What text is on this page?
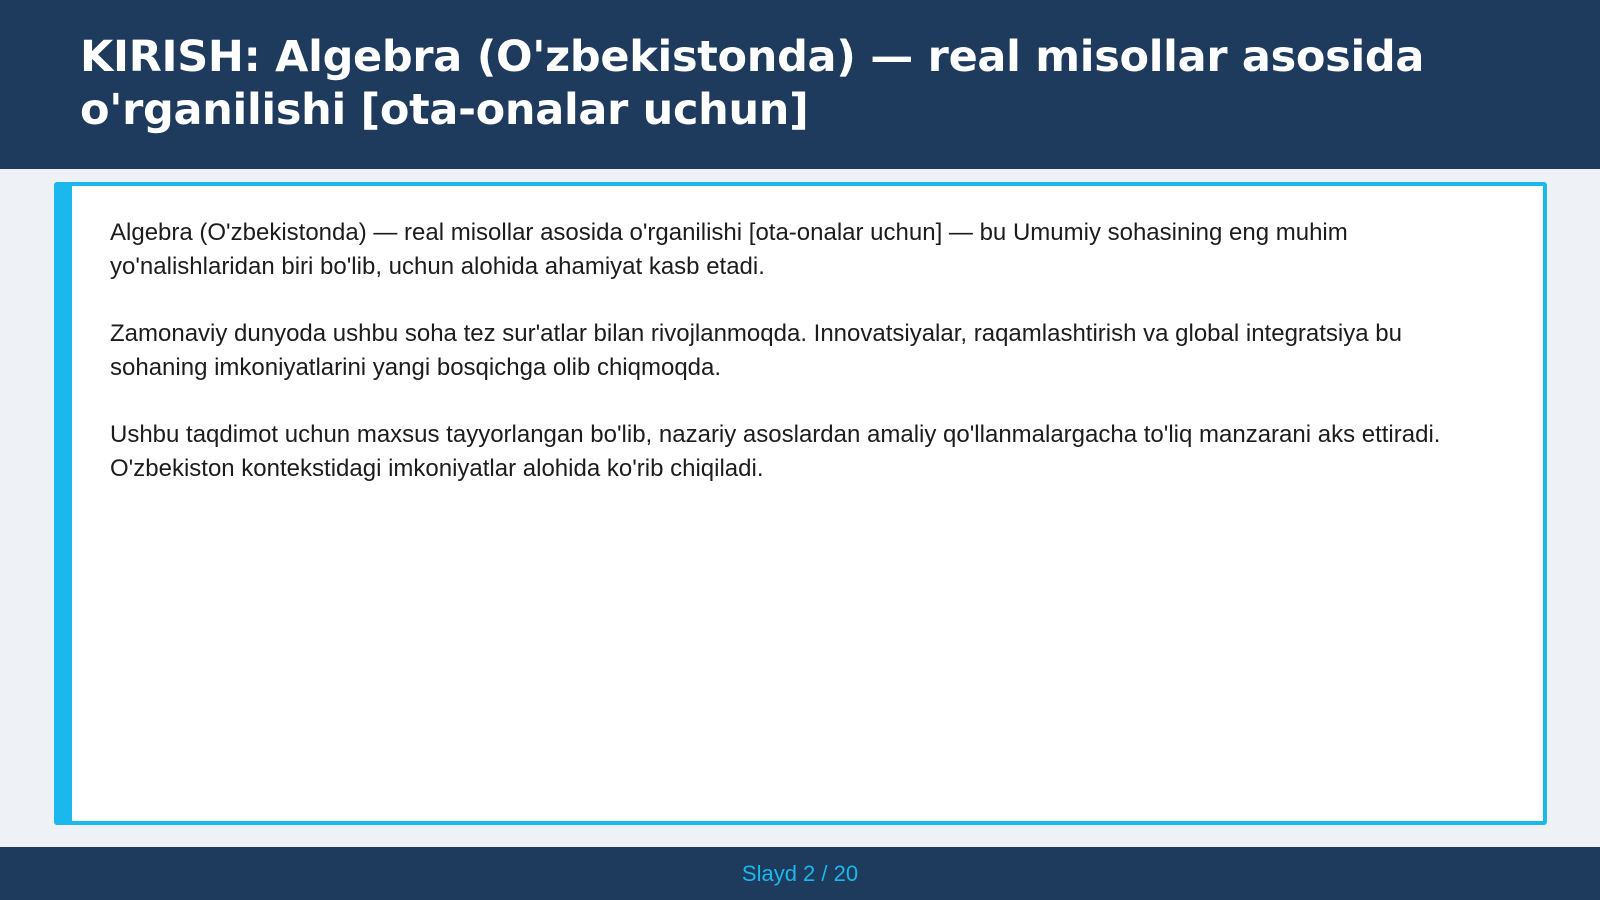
KIRISH: Algebra (O'zbekistonda) — real misollar asosida o'rganilishi [ota-onalar uchun]

Algebra (O'zbekistonda) — real misollar asosida o'rganilishi [ota-onalar uchun] — bu Umumiy sohasining eng muhim yo'nalishlaridan biri bo'lib, uchun alohida ahamiyat kasb etadi.

Zamonaviy dunyoda ushbu soha tez sur'atlar bilan rivojlanmoqda. Innovatsiyalar, raqamlashtirish va global integratsiya bu sohaning imkoniyatlarini yangi bosqichga olib chiqmoqda.

Ushbu taqdimot uchun maxsus tayyorlangan bo'lib, nazariy asoslardan amaliy qo'llanmalargacha to'liq manzarani aks ettiradi. O'zbekiston kontekstidagi imkoniyatlar alohida ko'rib chiqiladi.

Slayd 2 / 20
